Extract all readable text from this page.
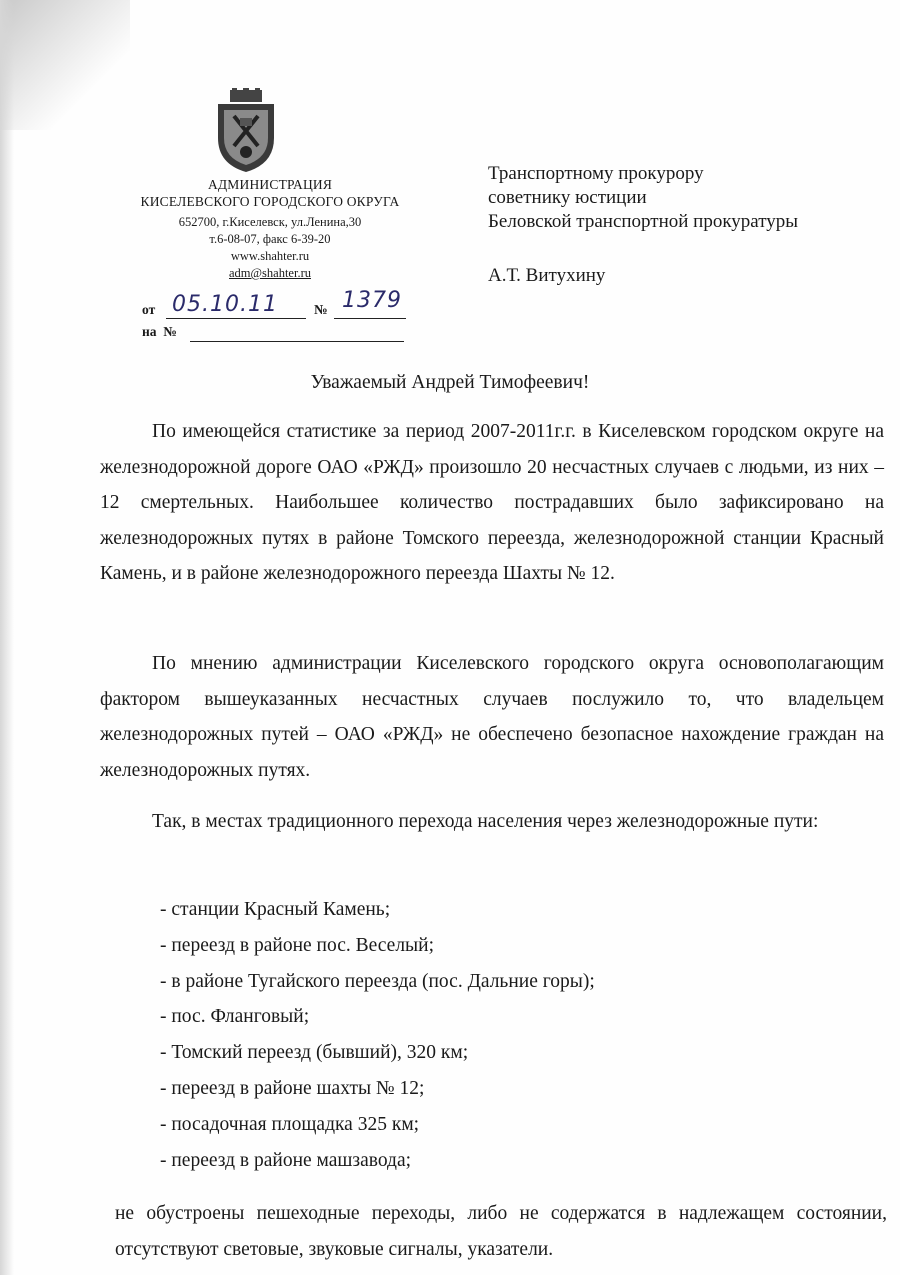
АДМИНИСТРАЦИЯ
КИСЕЛЕВСКОГО ГОРОДСКОГО ОКРУГА
652700, г.Киселевск, ул.Ленина,30
т.6-08-07, факс 6-39-20
www.shahter.ru
adm@shahter.ru
от 05.10.11	№ 1379
на №
Транспортному прокурору
советнику юстиции
Беловской транспортной прокуратуры
А.Т. Витухину
Уважаемый Андрей Тимофеевич!

По имеющейся статистике за период 2007-2011г.г. в Киселевском городском округе на железнодорожной дороге ОАО «РЖД» произошло 20 несчастных случаев с людьми, из них – 12 смертельных. Наибольшее количество пострадавших было зафиксировано на железнодорожных путях в районе Томского переезда, железнодорожной станции Красный Камень, и в районе железнодорожного переезда Шахты № 12.

По мнению администрации Киселевского городского округа основополагающим фактором вышеуказанных несчастных случаев послужило то, что владельцем железнодорожных путей – ОАО «РЖД» не обеспечено безопасное нахождение граждан на железнодорожных путях.

Так, в местах традиционного перехода населения через железнодорожные пути:

- станции Красный Камень;
- переезд в районе пос. Веселый;
- в районе Тугайского переезда (пос. Дальние горы);
- пос. Фланговый;
- Томский переезд (бывший), 320 км;
- переезд в районе шахты № 12;
- посадочная площадка 325 км;
- переезд в районе машзавода;

не обустроены пешеходные переходы, либо не содержатся в надлежащем состоянии, отсутствуют световые, звуковые сигналы, указатели.
